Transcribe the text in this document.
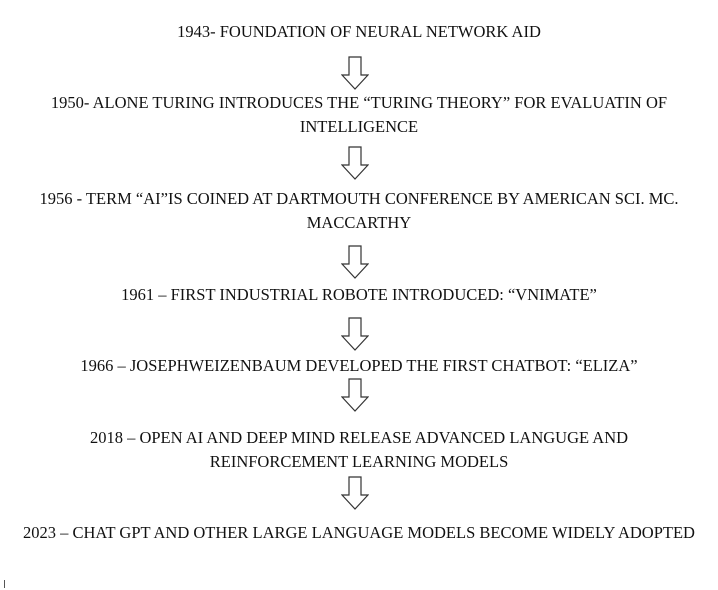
1943- FOUNDATION OF NEURAL NETWORK AID
1950- ALONE TURING INTRODUCES THE “TURING THEORY” FOR EVALUATIN OF INTELLIGENCE
1956 - TERM “AI”IS COINED AT DARTMOUTH CONFERENCE BY AMERICAN SCI. MC. MACCARTHY
1961 – FIRST INDUSTRIAL ROBOTE INTRODUCED: “VNIMATE”
1966 – JOSEPHWEIZENBAUM DEVELOPED THE FIRST CHATBOT: “ELIZA”
2018 – OPEN AI AND DEEP MIND RELEASE ADVANCED LANGUGE AND REINFORCEMENT LEARNING MODELS
2023 – CHAT GPT AND OTHER LARGE LANGUAGE MODELS BECOME WIDELY ADOPTED
